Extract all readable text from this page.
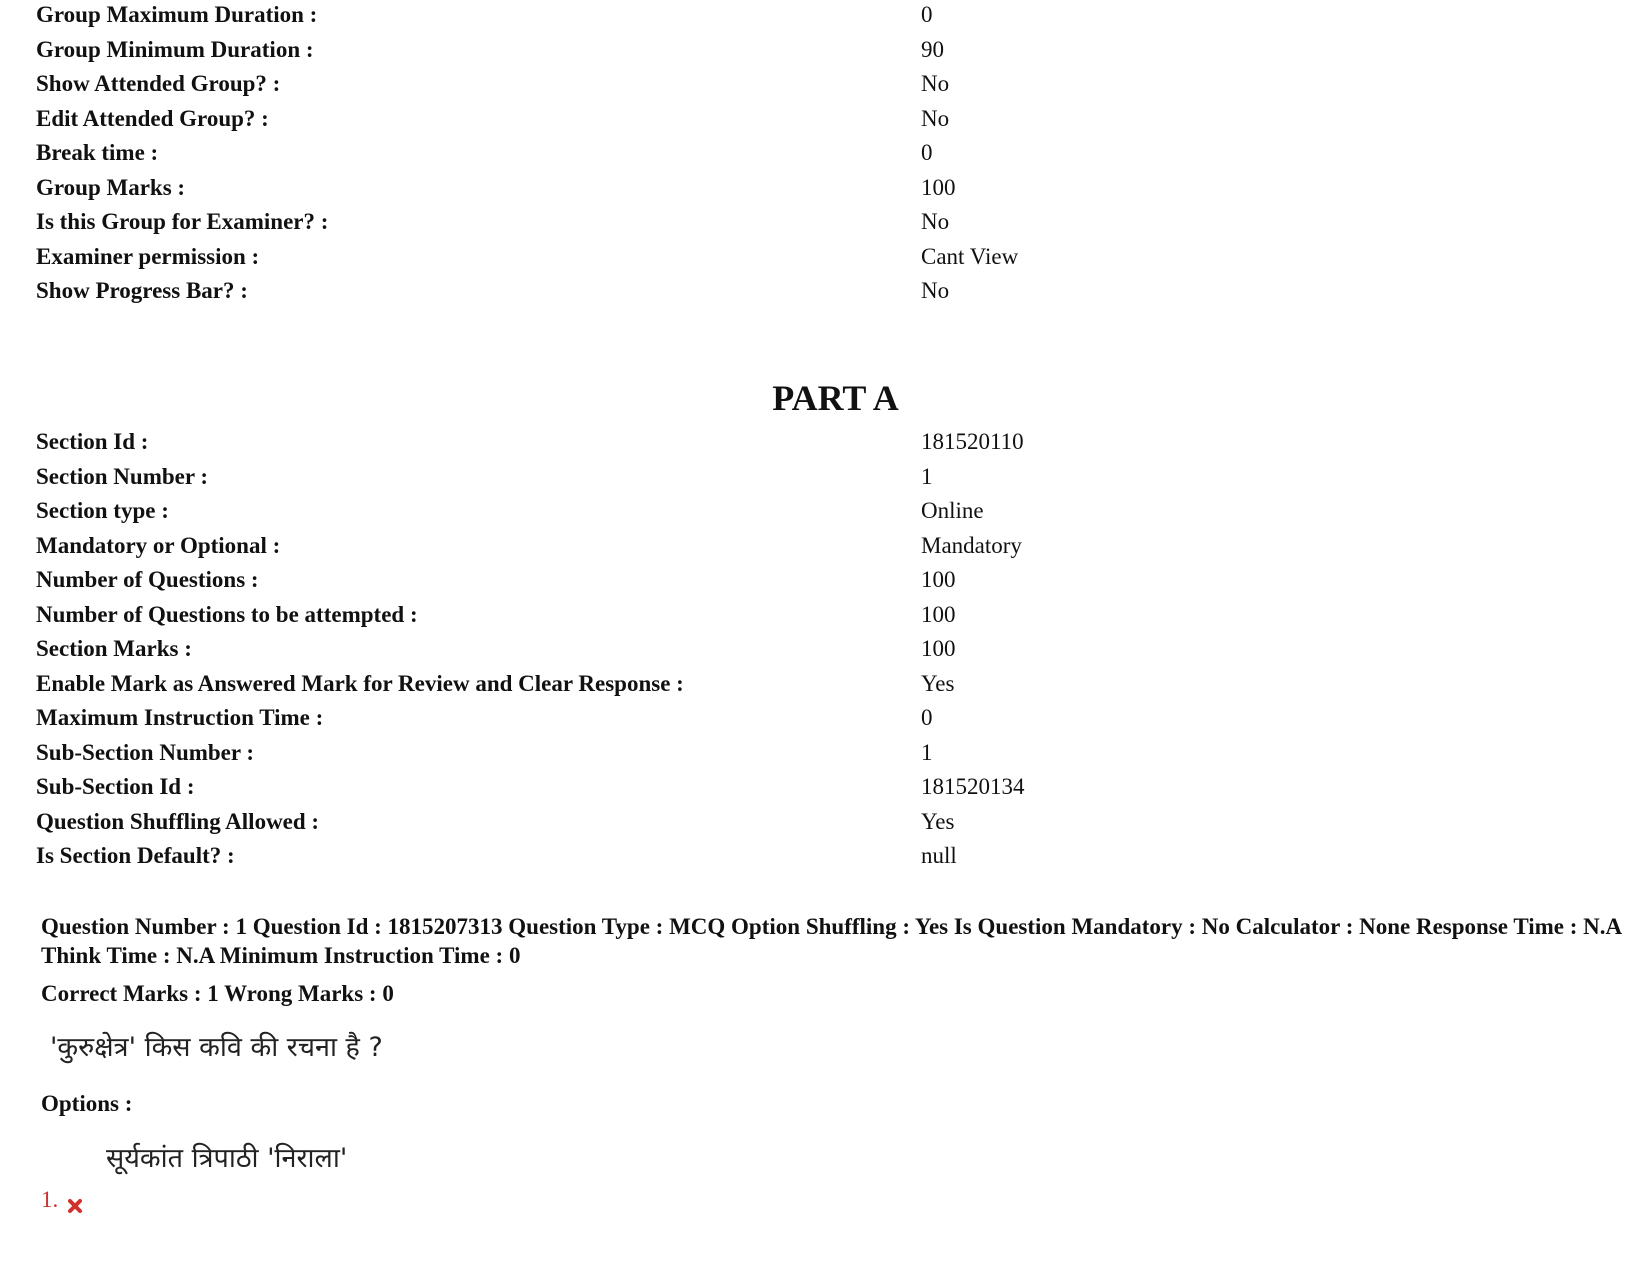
Group Maximum Duration :	0
Group Minimum Duration :	90
Show Attended Group? :	No
Edit Attended Group? :	No
Break time :	0
Group Marks :	100
Is this Group for Examiner? :	No
Examiner permission :	Cant View
Show Progress Bar? :	No
PART A
Section Id :	181520110
Section Number :	1
Section type :	Online
Mandatory or Optional :	Mandatory
Number of Questions :	100
Number of Questions to be attempted :	100
Section Marks :	100
Enable Mark as Answered Mark for Review and Clear Response :	Yes
Maximum Instruction Time :	0
Sub-Section Number :	1
Sub-Section Id :	181520134
Question Shuffling Allowed :	Yes
Is Section Default? :	null
Question Number : 1 Question Id : 1815207313 Question Type : MCQ Option Shuffling : Yes Is Question Mandatory : No Calculator : None Response Time : N.A Think Time : N.A Minimum Instruction Time : 0
Correct Marks : 1 Wrong Marks : 0
'कुरुक्षेत्र' किस कवि की रचना है ?
Options :
सूर्यकांत त्रिपाठी 'निराला'
1.
